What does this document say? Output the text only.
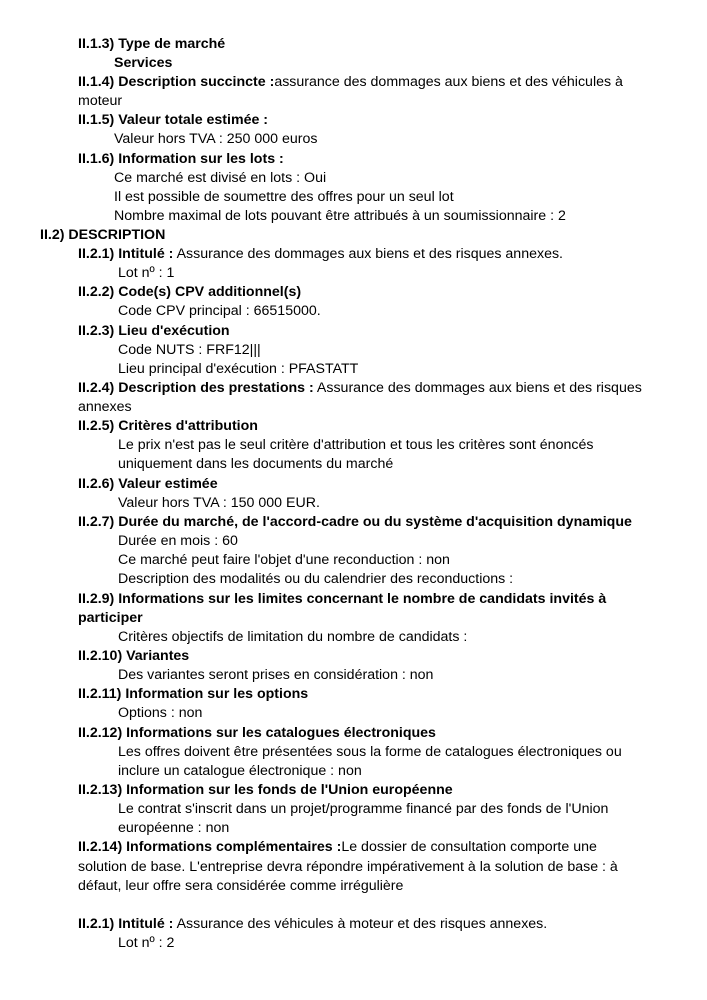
II.1.3) Type de marché
Services
II.1.4) Description succincte :assurance des dommages aux biens et des véhicules à
moteur
II.1.5) Valeur totale estimée :
Valeur hors TVA : 250 000 euros
II.1.6) Information sur les lots :
Ce marché est divisé en lots : Oui
Il est possible de soumettre des offres pour un seul lot
Nombre maximal de lots pouvant être attribués à un soumissionnaire : 2
II.2) DESCRIPTION
II.2.1) Intitulé : Assurance des dommages aux biens et des risques annexes.
Lot nº : 1
II.2.2) Code(s) CPV additionnel(s)
Code CPV principal : 66515000.
II.2.3) Lieu d'exécution
Code NUTS : FRF12|||
Lieu principal d'exécution : PFASTATT
II.2.4) Description des prestations : Assurance des dommages aux biens et des risques
annexes
II.2.5) Critères d'attribution
Le prix n'est pas le seul critère d'attribution et tous les critères sont énoncés
uniquement dans les documents du marché
II.2.6) Valeur estimée
Valeur hors TVA : 150 000 EUR.
II.2.7) Durée du marché, de l'accord-cadre ou du système d'acquisition dynamique
Durée en mois : 60
Ce marché peut faire l'objet d'une reconduction : non
Description des modalités ou du calendrier des reconductions :
II.2.9) Informations sur les limites concernant le nombre de candidats invités à
participer
Critères objectifs de limitation du nombre de candidats :
II.2.10) Variantes
Des variantes seront prises en considération : non
II.2.11) Information sur les options
Options : non
II.2.12) Informations sur les catalogues électroniques
Les offres doivent être présentées sous la forme de catalogues électroniques ou
inclure un catalogue électronique : non
II.2.13) Information sur les fonds de l'Union européenne
Le contrat s'inscrit dans un projet/programme financé par des fonds de l'Union
européenne : non
II.2.14) Informations complémentaires :Le dossier de consultation comporte une
solution de base. L'entreprise devra répondre impérativement à la solution de base : à
défaut, leur offre sera considérée comme irrégulière
II.2.1) Intitulé : Assurance des véhicules à moteur et des risques annexes.
Lot nº : 2
